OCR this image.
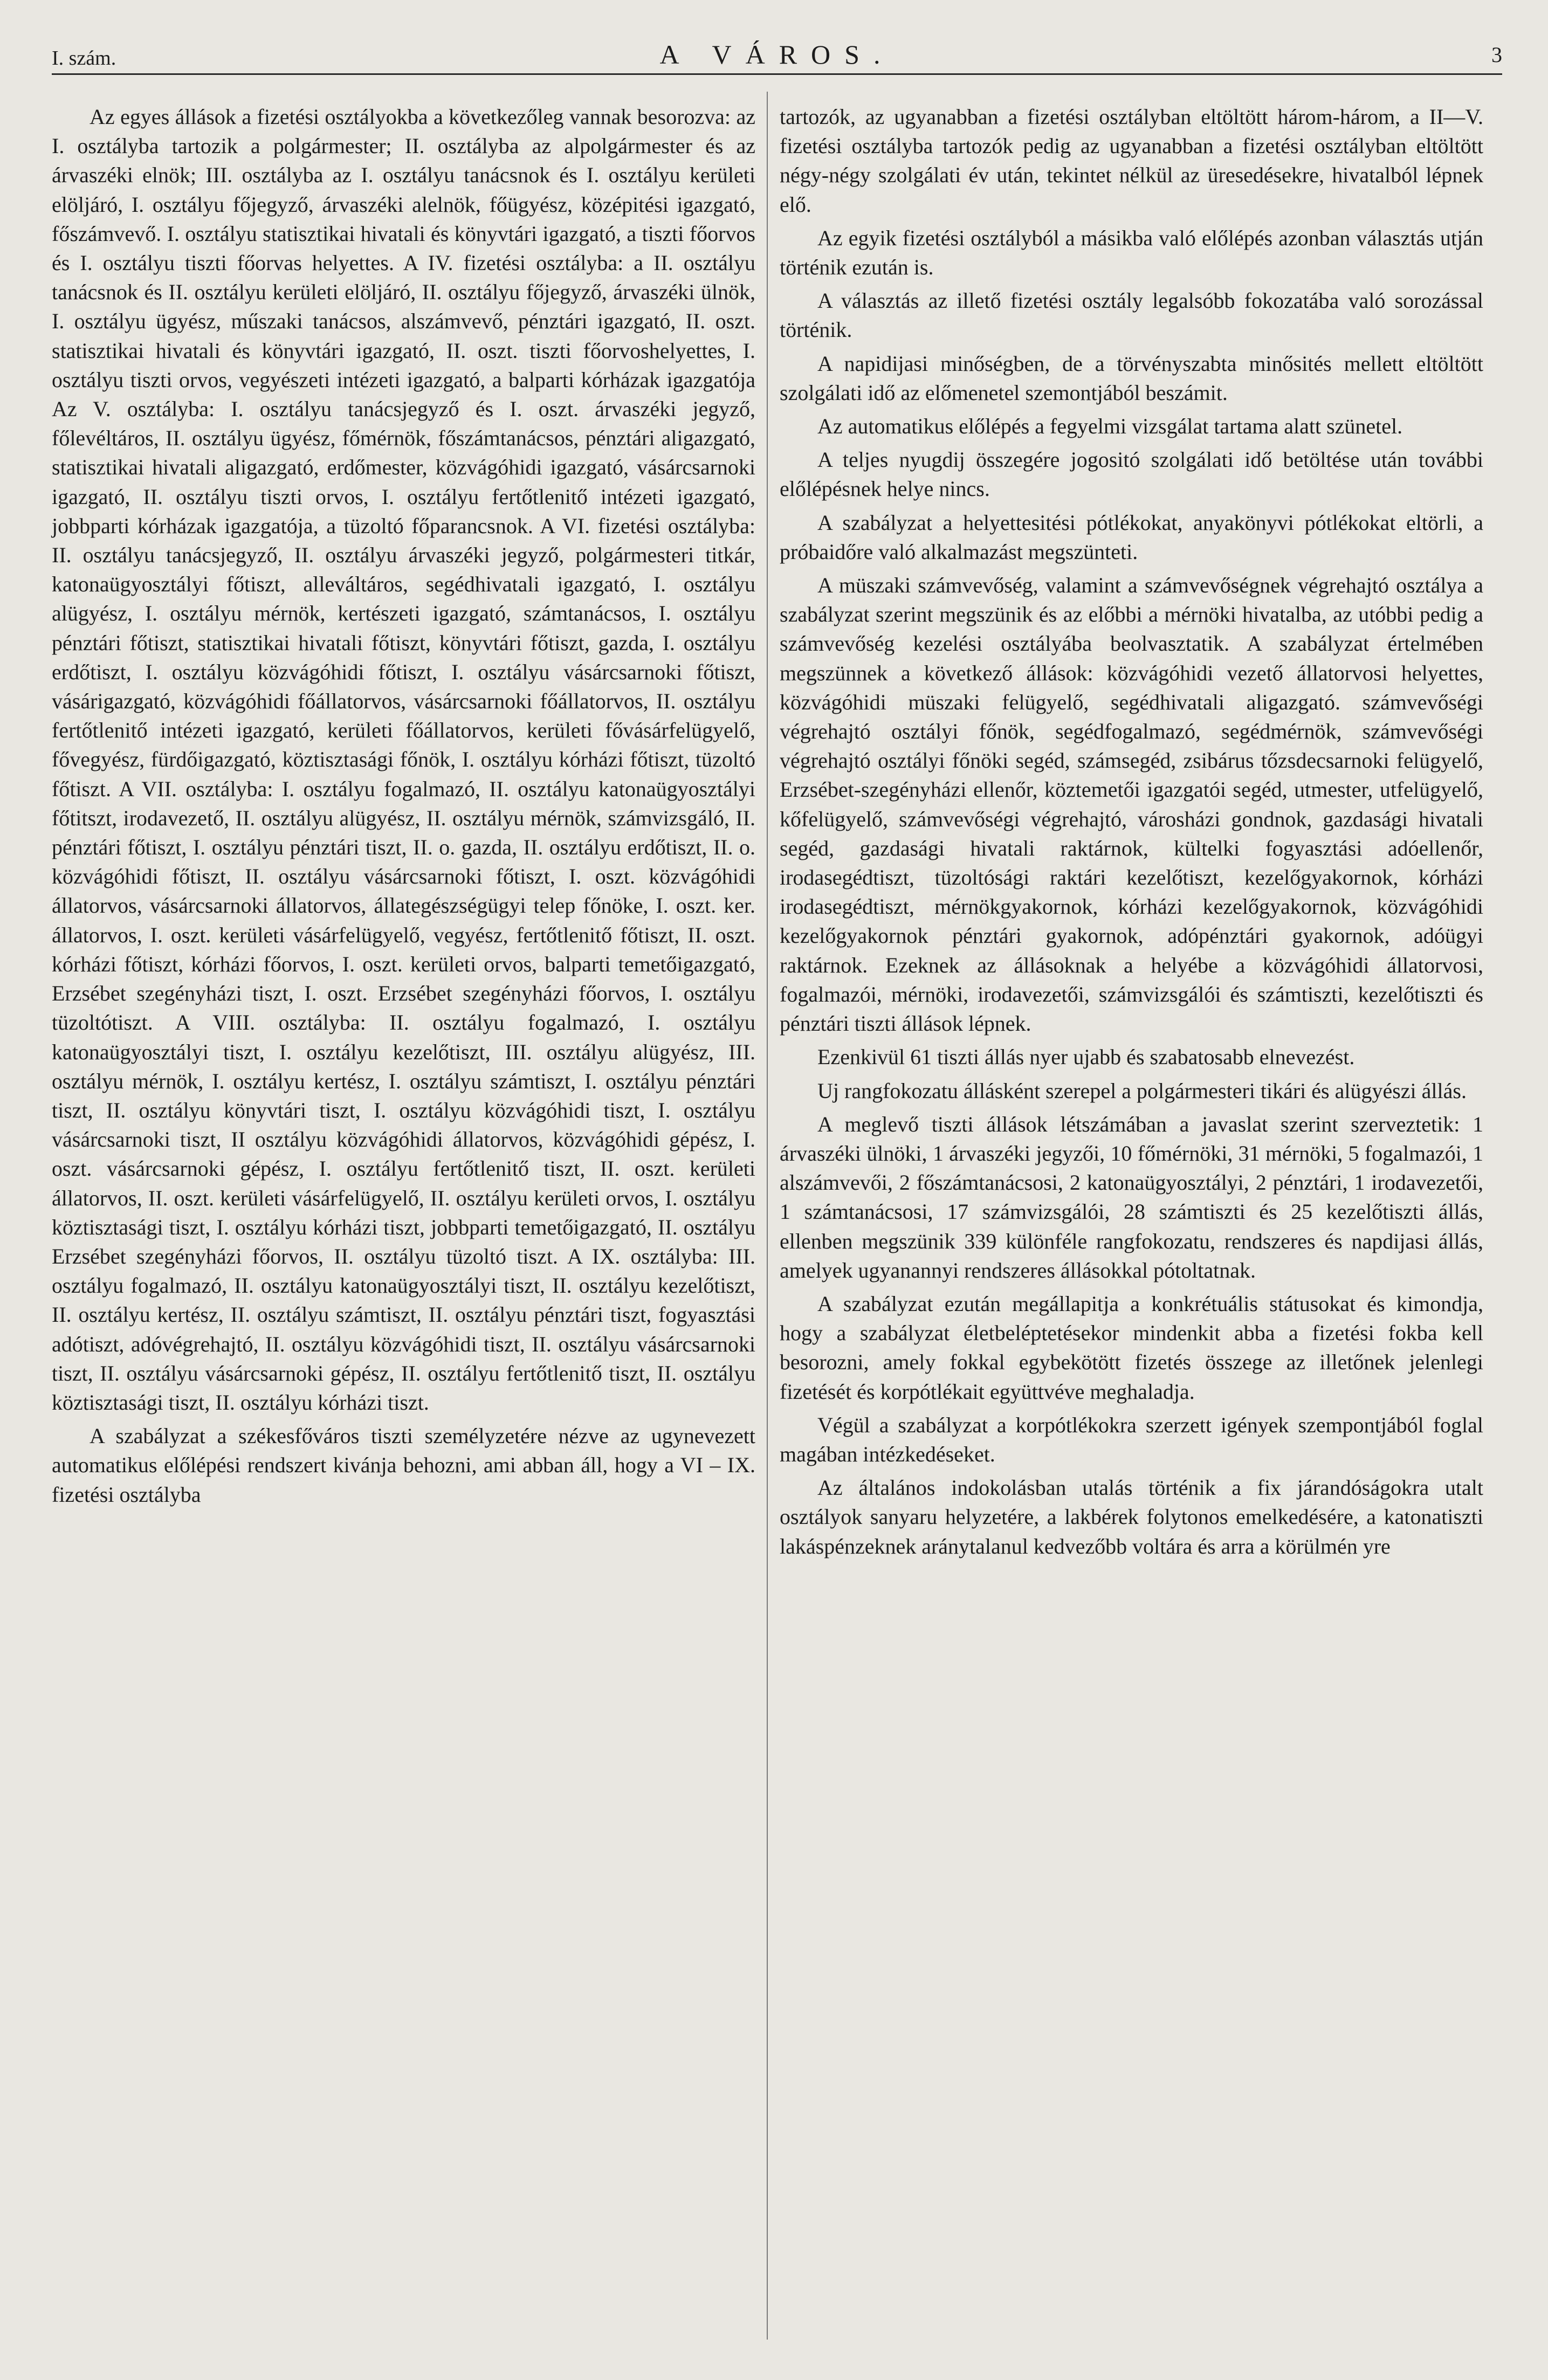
I. szám.	A VÁROS.	3

Az egyes állások a fizetési osztályokba a következőleg vannak besorozva: az I. osztályba tartozik a polgármester; II. osztályba az alpolgármester és az árvaszéki elnök; III. osztályba az I. osztályu tanácsnok és I. osztályu kerületi elöljáró, I. osztályu főjegyző, árvaszéki alelnök, főügyész, középitési igazgató, főszámvevő. I. osztályu statisztikai hivatali és könyvtári igazgató, a tiszti főorvos és I. osztályu tiszti főorvas helyettes. A IV. fizetési osztályba: a II. osztályu tanácsnok és II. osztályu kerületi elöljáró, II. osztályu főjegyző, árvaszéki ülnök, I. osztályu ügyész, műszaki tanácsos, alszámvevő, pénztári igazgató, II. oszt. statisztikai hivatali és könyvtári igazgató, II. oszt. tiszti főorvoshelyettes, I. osztályu tiszti orvos, vegyészeti intézeti igazgató, a balparti kórházak igazgatója Az V. osztályba: I. osztályu tanácsjegyző és I. oszt. árvaszéki jegyző, főlevéltáros, II. osztályu ügyész, főmérnök, főszámtanácsos, pénztári aligazgató, statisztikai hivatali aligazgató, erdőmester, közvágóhidi igazgató, vásárcsarnoki igazgató, II. osztályu tiszti orvos, I. osztályu fertőtlenitő intézeti igazgató, jobbparti kórházak igazgatója, a tüzoltó főparancsnok. A VI. fizetési osztályba: II. osztályu tanácsjegyző, II. osztályu árvaszéki jegyző, polgármesteri titkár, katonaügyosztályi főtiszt, alleváltáros, segédhivatali igazgató, I. osztályu alügyész, I. osztályu mérnök, kertészeti igazgató, számtanácsos, I. osztályu pénztári főtiszt, statisztikai hivatali főtiszt, könyvtári főtiszt, gazda, I. osztályu erdőtiszt, I. osztályu közvágóhidi főtiszt, I. osztályu vásárcsarnoki főtiszt, vásárigazgató, közvágóhidi főállatorvos, vásárcsarnoki főállatorvos, II. osztályu fertőtlenitő intézeti igazgató, kerületi főállatorvos, kerületi fővásárfelügyelő, fővegyész, fürdőigazgató, köztisztasági főnök, I. osztályu kórházi főtiszt, tüzoltó főtiszt. A VII. osztályba: I. osztályu fogalmazó, II. osztályu katonaügyosztályi főtitszt, irodavezető, II. osztályu alügyész, II. osztályu mérnök, számvizsgáló, II. pénztári főtiszt, I. osztályu pénztári tiszt, II. o. gazda, II. osztályu erdőtiszt, II. o. közvágóhidi főtiszt, II. osztályu vásárcsarnoki főtiszt, I. oszt. közvágóhidi állatorvos, vásárcsarnoki állatorvos, állategészségügyi telep főnöke, I. oszt. ker. állatorvos, I. oszt. kerületi vásárfelügyelő, vegyész, fertőtlenitő főtiszt, II. oszt. kórházi főtiszt, kórházi főorvos, I. oszt. kerületi orvos, balparti temetőigazgató, Erzsébet szegényházi tiszt, I. oszt. Erzsébet szegényházi főorvos, I. osztályu tüzoltótiszt. A VIII. osztályba: II. osztályu fogalmazó, I. osztályu katonaügyosztályi tiszt, I. osztályu kezelőtiszt, III. osztályu alügyész, III. osztályu mérnök, I. osztályu kertész, I. osztályu számtiszt, I. osztályu pénztári tiszt, II. osztályu könyvtári tiszt, I. osztályu közvágóhidi tiszt, I. osztályu vásárcsarnoki tiszt, II osztályu közvágóhidi állatorvos, közvágóhidi gépész, I. oszt. vásárcsarnoki gépész, I. osztályu fertőtlenitő tiszt, II. oszt. kerületi állatorvos, II. oszt. kerületi vásárfelügyelő, II. osztályu kerületi orvos, I. osztályu köztisztasági tiszt, I. osztályu kórházi tiszt, jobbparti temetőigazgató, II. osztályu Erzsébet szegényházi főorvos, II. osztályu tüzoltó tiszt. A IX. osztályba: III. osztályu fogalmazó, II. osztályu katonaügyosztályi tiszt, II. osztályu kezelőtiszt, II. osztályu kertész, II. osztályu számtiszt, II. osztályu pénztári tiszt, fogyasztási adótiszt, adóvégrehajtó, II. osztályu közvágóhidi tiszt, II. osztályu vásárcsarnoki tiszt, II. osztályu vásárcsarnoki gépész, II. osztályu fertőtlenitő tiszt, II. osztályu köztisztasági tiszt, II. osztályu kórházi tiszt.

A szabályzat a székesfőváros tiszti személyzetére nézve az ugynevezett automatikus előlépési rendszert kivánja behozni, ami abban áll, hogy a VI – IX. fizetési osztályba

tartozók, az ugyanabban a fizetési osztályban eltöltött három-három, a II—V. fizetési osztályba tartozók pedig az ugyanabban a fizetési osztályban eltöltött négy-négy szolgálati év után, tekintet nélkül az üresedésekre, hivatalból lépnek elő.

Az egyik fizetési osztályból a másikba való előlépés azonban választás utján történik ezután is.

A választás az illető fizetési osztály legalsóbb fokozatába való sorozással történik.

A napidijasi minőségben, de a törvényszabta minősités mellett eltöltött szolgálati idő az előmenetel szemontjából beszámit.

Az automatikus előlépés a fegyelmi vizsgálat tartama alatt szünetel.

A teljes nyugdij összegére jogositó szolgálati idő betöltése után további előlépésnek helye nincs.

A szabályzat a helyettesitési pótlékokat, anyakönyvi pótlékokat eltörli, a próbaidőre való alkalmazást megszünteti.

A müszaki számvevőség, valamint a számvevőségnek végrehajtó osztálya a szabályzat szerint megszünik és az előbbi a mérnöki hivatalba, az utóbbi pedig a számvevőség kezelési osztályába beolvasztatik. A szabályzat értelmében megszünnek a következő állások: közvágóhidi vezető állatorvosi helyettes, közvágóhidi müszaki felügyelő, segédhivatali aligazgató. számvevőségi végrehajtó osztályi főnök, segédfogalmazó, segédmérnök, számvevőségi végrehajtó osztályi főnöki segéd, számsegéd, zsibárus tőzsdecsarnoki felügyelő, Erzsébet-szegényházi ellenőr, köztemetői igazgatói segéd, utmester, utfelügyelő, kőfelügyelő, számvevőségi végrehajtó, városházi gondnok, gazdasági hivatali segéd, gazdasági hivatali raktárnok, kültelki fogyasztási adóellenőr, irodasegédtiszt, tüzoltósági raktári kezelőtiszt, kezelőgyakornok, kórházi irodasegédtiszt, mérnökgyakornok, kórházi kezelőgyakornok, közvágóhidi kezelőgyakornok pénztári gyakornok, adópénztári gyakornok, adóügyi raktárnok. Ezeknek az állásoknak a helyébe a közvágóhidi állatorvosi, fogalmazói, mérnöki, irodavezetői, számvizsgálói és számtiszti, kezelőtiszti és pénztári tiszti állások lépnek.

Ezenkivül 61 tiszti állás nyer ujabb és szabatosabb elnevezést.

Uj rangfokozatu állásként szerepel a polgármesteri tikári és alügyészi állás.

A meglevő tiszti állások létszámában a javaslat szerint szerveztetik: 1 árvaszéki ülnöki, 1 árvaszéki jegyzői, 10 főmérnöki, 31 mérnöki, 5 fogalmazói, 1 alszámvevői, 2 főszámtanácsosi, 2 katonaügyosztályi, 2 pénztári, 1 irodavezetői, 1 számtanácsosi, 17 számvizsgálói, 28 számtiszti és 25 kezelőtiszti állás, ellenben megszünik 339 különféle rangfokozatu, rendszeres és napdijasi állás, amelyek ugyanannyi rendszeres állásokkal pótoltatnak.

A szabályzat ezután megállapitja a konkrétuális státusokat és kimondja, hogy a szabályzat életbeléptetésekor mindenkit abba a fizetési fokba kell besorozni, amely fokkal egybekötött fizetés összege az illetőnek jelenlegi fizetését és korpótlékait együttvéve meghaladja.

Végül a szabályzat a korpótlékokra szerzett igények szempontjából foglal magában intézkedéseket.

Az általános indokolásban utalás történik a fix járandóságokra utalt osztályok sanyaru helyzetére, a lakbérek folytonos emelkedésére, a katonatiszti lakáspénzeknek aránytalanul kedvezőbb voltára és arra a körülmén yre
